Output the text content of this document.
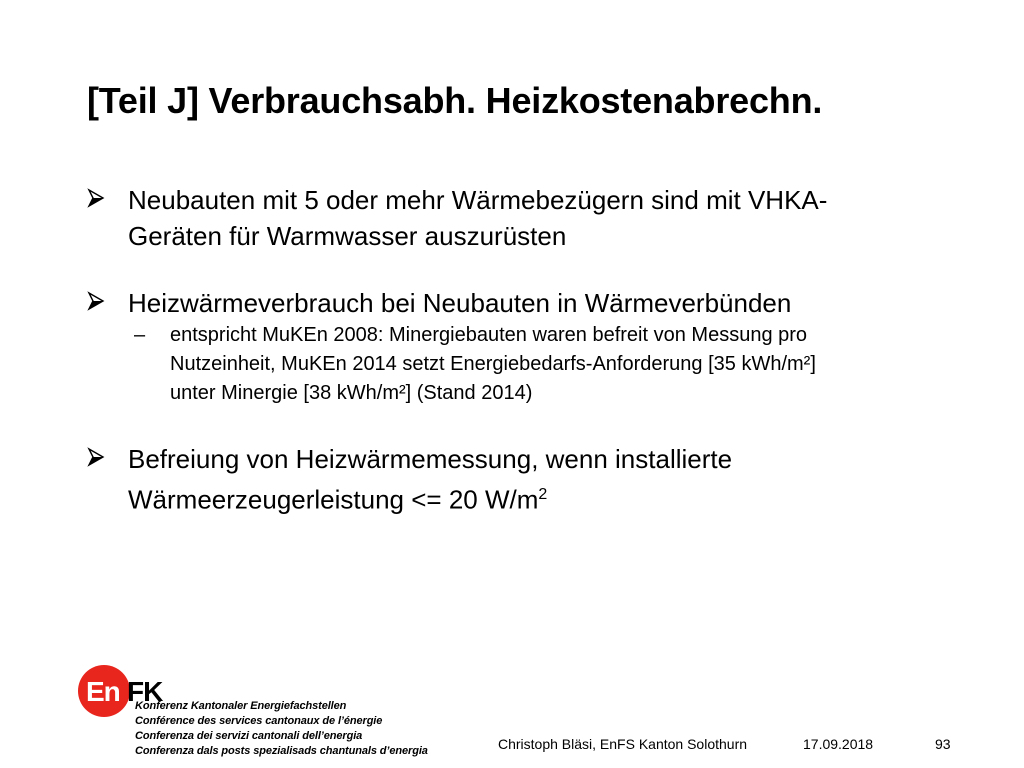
[Teil J] Verbrauchsabh. Heizkostenabrechn.
Neubauten mit 5 oder mehr Wärmebezügern sind mit VHKA-
Geräten für Warmwasser auszurüsten
Heizwärmeverbrauch bei Neubauten in Wärmeverbünden
– entspricht MuKEn 2008: Minergiebauten waren befreit von Messung pro
Nutzeinheit, MuKEn 2014 setzt Energiebedarfs-Anforderung [35 kWh/m²]
unter Minergie [38 kWh/m²] (Stand 2014)
Befreiung von Heizwärmemessung, wenn installierte
Wärmeerzeugerleistung <= 20 $W/m^2$
En FK
Konferenz Kantonaler Energiefachstellen
Conférence des services cantonaux de l’énergie
Conferenza dei servizi cantonali dell’energia
Conferenza dals posts spezialisads chantunals d’energia	Christoph Bläsi, EnFS Kanton Solothurn	17.09.2018	93
